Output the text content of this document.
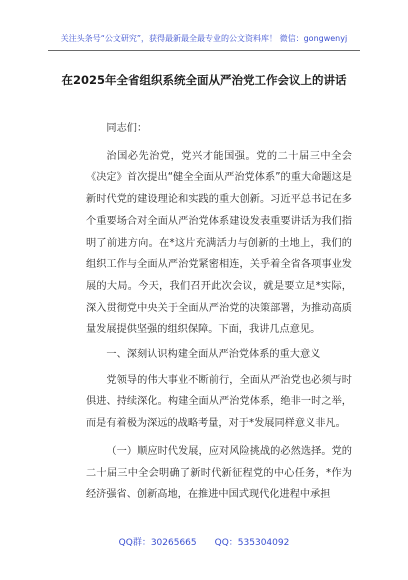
关注头条号“公文研究”，获得最新最全最专业的公文资料库！ 微信：gongwenyj
在2025年全省组织系统全面从严治党工作会议上的讲话

同志们：

治国必先治党，党兴才能国强。党的二十届三中全会《决定》首次提出“健全全面从严治党体系”的重大命题这是新时代党的建设理论和实践的重大创新。习近平总书记在多个重要场合对全面从严治党体系建设发表重要讲话为我们指明了前进方向。在*这片充满活力与创新的土地上，我们的组织工作与全面从严治党紧密相连，关乎着全省各项事业发展的大局。今天，我们召开此次会议，就是要立足*实际，深入贯彻党中央关于全面从严治党的决策部署，为推动高质量发展提供坚强的组织保障。下面，我讲几点意见。

一、深刻认识构建全面从严治党体系的重大意义

党领导的伟大事业不断前行，全面从严治党也必须与时俱进、持续深化。构建全面从严治党体系，绝非一时之举，而是有着极为深远的战略考量，对于*发展同样意义非凡。

（一）顺应时代发展，应对风险挑战的必然选择。党的二十届三中全会明确了新时代新征程党的中心任务，*作为经济强省、创新高地，在推进中国式现代化进程中承担

QQ群：30265665　　QQ：535304092
